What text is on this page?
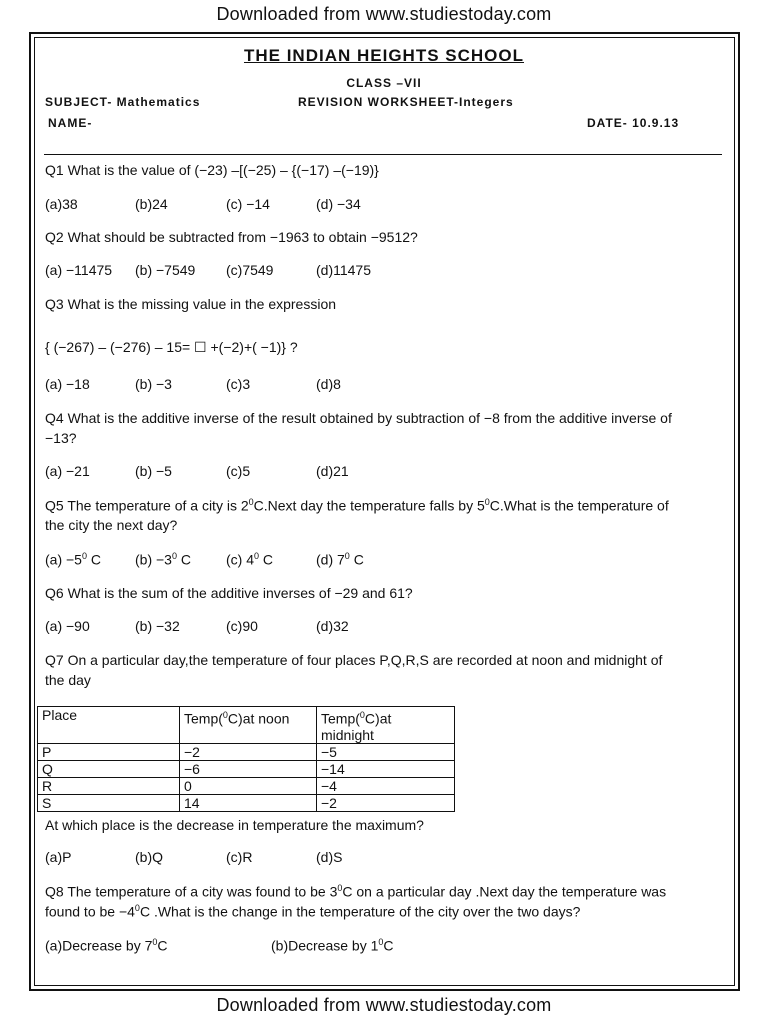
Downloaded from www.studiestoday.com
THE INDIAN HEIGHTS SCHOOL
CLASS –VII
SUBJECT- Mathematics	REVISION WORKSHEET-Integers
NAME-	DATE- 10.9.13
Q1 What is the value of (−23) –[(−25) – {(−17) –(−19)}
(a)38	(b)24	(c) −14	(d) −34
Q2 What should be subtracted from −1963 to obtain −9512?
(a) −11475 (b) −7549 (c)7549	(d)11475
Q3 What is the missing value in the expression
{ (−267) – (−276) – 15= ☐ +(−2)+( −1)} ?
(a) −18	(b) −3	(c)3	(d)8
Q4 What is the additive inverse of the result obtained by subtraction of −8 from the additive inverse of
−13?
(a) −21	(b) −5	(c)5	(d)21
Q5 The temperature of a city is $2^0C.Next$ day the temperature falls by $5^0C.What$ is the temperature of
the city the next day?
$(a) -5^0$ C $(b) -3^0$ C	(c) $4^0$ C	(d) $7^0$ C
Q6 What is the sum of the additive inverses of −29 and 61?
(a) −90	(b) −32	(c)90	(d)32
Q7 On a particular day,the temperature of four places P,Q,R,S are recorded at noon and midnight of
the day
Place	Temp($^0$C)at noon	Temp($^0$C)at
midnight
P	−2	−5
Q	−6	−14
R	0	−4
S	14	−2
At which place is the decrease in temperature the maximum?
(a)P	(b)Q	(c)R	(d)S
Q8 The temperature of a city was found to be $3^0C$ on a particular day .Next day the temperature was
found to be $-4^0C$ .What is the change in the temperature of the city over the two days?
(a)Decrease by $7^0C$	(b)Decrease by $1^0C$
Downloaded from www.studiestoday.com
